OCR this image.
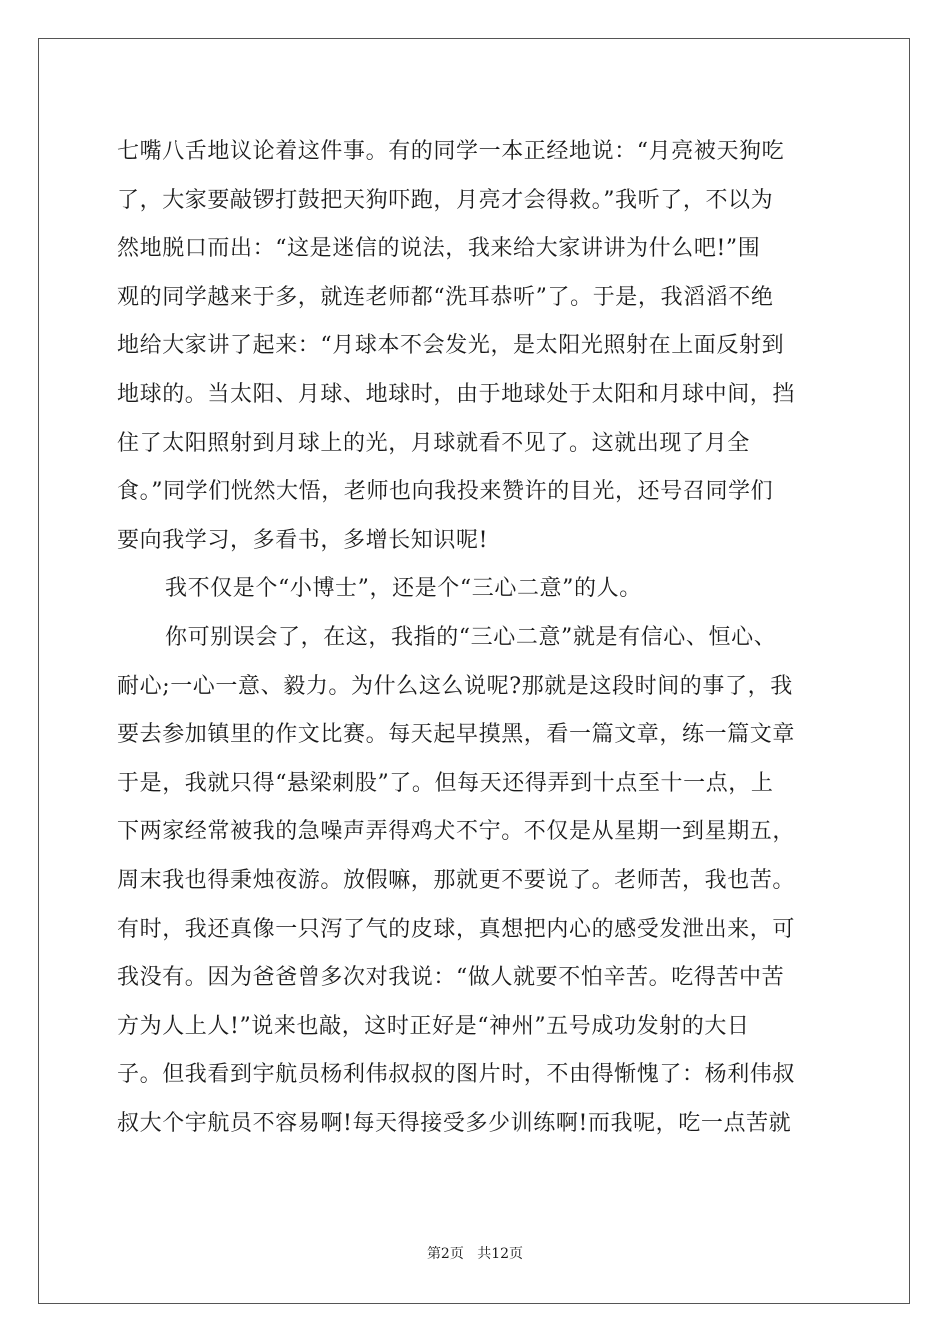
七嘴八舌地议论着这件事。有的同学一本正经地说：“月亮被天狗吃
了，大家要敲锣打鼓把天狗吓跑，月亮才会得救。”我听了，不以为
然地脱口而出：“这是迷信的说法，我来给大家讲讲为什么吧!”围
观的同学越来于多，就连老师都“洗耳恭听”了。于是，我滔滔不绝
地给大家讲了起来：“月球本不会发光，是太阳光照射在上面反射到
地球的。当太阳、月球、地球时，由于地球处于太阳和月球中间，挡
住了太阳照射到月球上的光，月球就看不见了。这就出现了月全
食。”同学们恍然大悟，老师也向我投来赞许的目光，还号召同学们
要向我学习，多看书，多增长知识呢!
我不仅是个“小博士”，还是个“三心二意”的人。
你可别误会了，在这，我指的“三心二意”就是有信心、恒心、
耐心;一心一意、毅力。为什么这么说呢?那就是这段时间的事了，我
要去参加镇里的作文比赛。每天起早摸黑，看一篇文章，练一篇文章
于是，我就只得“悬梁刺股”了。但每天还得弄到十点至十一点，上
下两家经常被我的急噪声弄得鸡犬不宁。不仅是从星期一到星期五，
周末我也得秉烛夜游。放假嘛，那就更不要说了。老师苦，我也苦。
有时，我还真像一只泻了气的皮球，真想把内心的感受发泄出来，可
我没有。因为爸爸曾多次对我说：“做人就要不怕辛苦。吃得苦中苦
方为人上人!”说来也敲，这时正好是“神州”五号成功发射的大日
子。但我看到宇航员杨利伟叔叔的图片时，不由得惭愧了：杨利伟叔
叔大个宇航员不容易啊!每天得接受多少训练啊!而我呢，吃一点苦就
第2页 共12页
